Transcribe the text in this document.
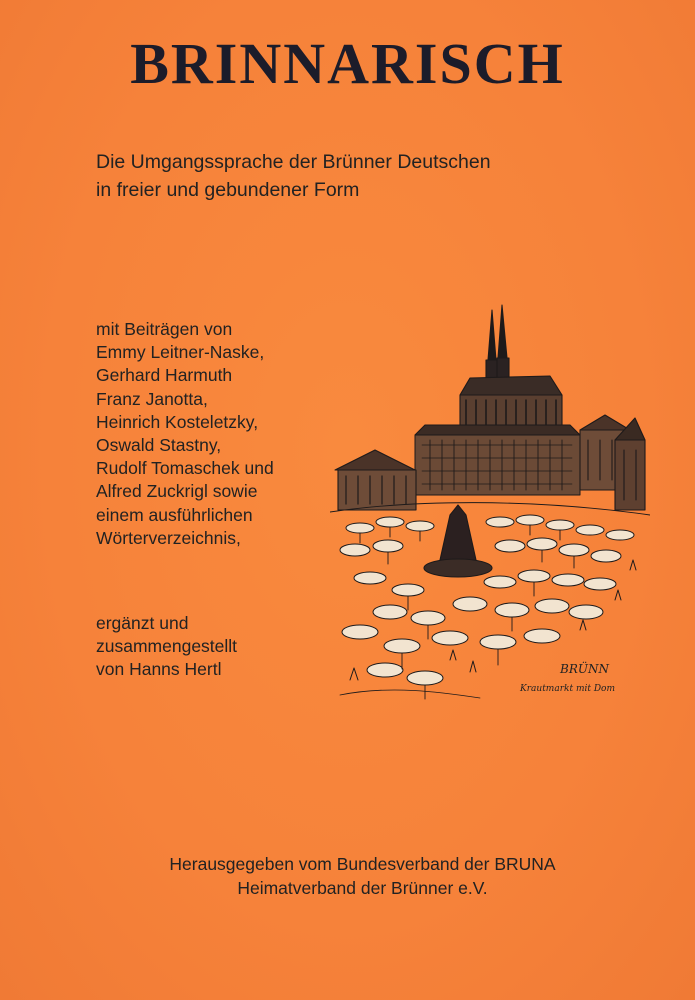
BRINNARISCH
Die Umgangssprache der Brünner Deutschen
in freier und gebundener Form
mit Beiträgen von
Emmy Leitner-Naske,
Gerhard Harmuth
Franz Janotta,
Heinrich Kosteletzky,
Oswald Stastny,
Rudolf Tomaschek und
Alfred Zuckrigl sowie
einem ausführlichen
Wörterverzeichnis,
ergänzt und
zusammengestellt
von Hanns Hertl	BRÜNN
Krautmarkt mit Dom
Herausgegeben vom Bundesverband der BRUNA
Heimatverband der Brünner e.V.
